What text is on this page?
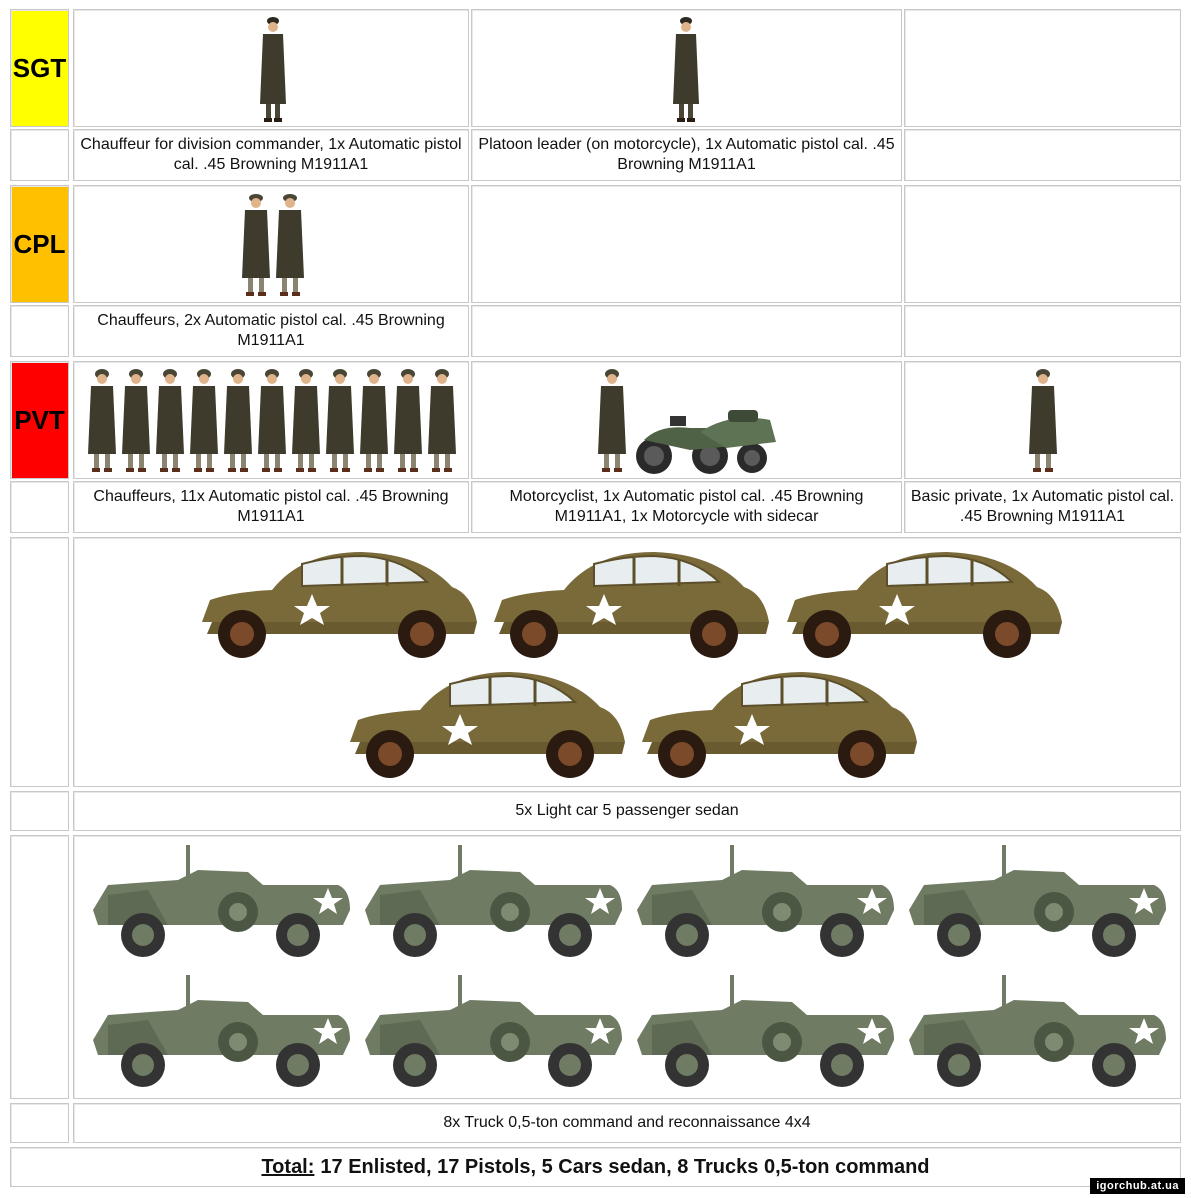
SGT
Chauffeur for division commander, 1x Automatic pistol cal. .45 Browning M1911A1
Platoon leader (on motorcycle), 1x Automatic pistol cal. .45 Browning M1911A1
CPL
Chauffeurs, 2x Automatic pistol cal. .45 Browning M1911A1
PVT
Chauffeurs, 11x Automatic pistol cal. .45 Browning M1911A1
Motorcyclist, 1x Automatic pistol cal. .45 Browning M1911A1, 1x Motorcycle with sidecar
Basic private, 1x Automatic pistol cal. .45 Browning M1911A1
5x Light car 5 passenger sedan
8x Truck 0,5-ton command and reconnaissance 4x4
Total: 17 Enlisted, 17 Pistols, 5 Cars sedan, 8 Trucks 0,5-ton command
igorchub.at.ua
